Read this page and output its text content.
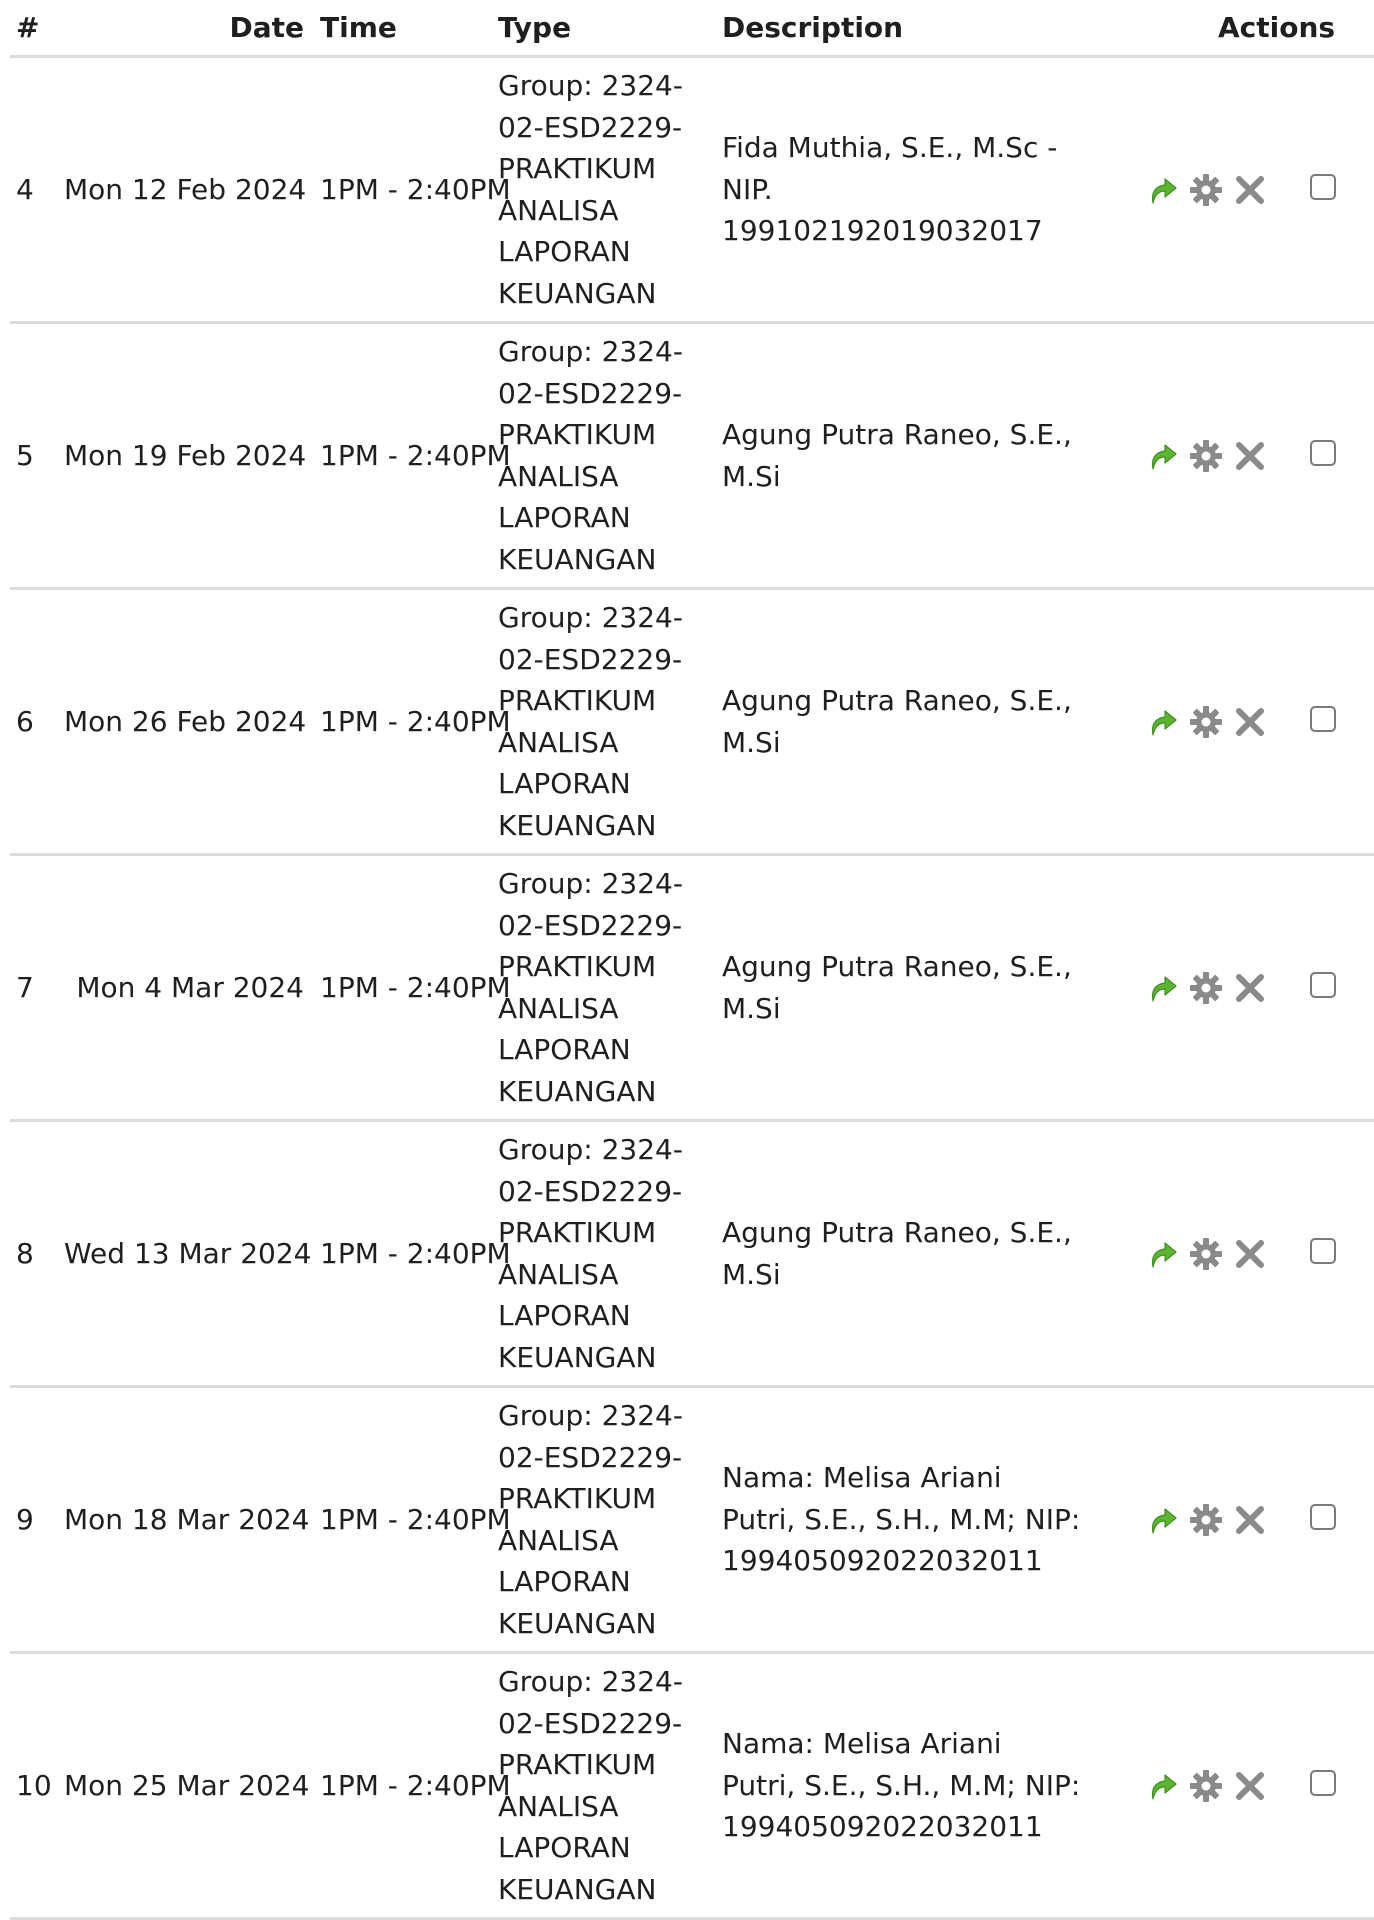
#	Date	Time	Type	Description	Actions
4	Mon 12 Feb 2024	1PM - 2:40PM	Group: 2324-02-ESD2229-PRAKTIKUM ANALISA LAPORAN KEUANGAN	Fida Muthia, S.E., M.Sc - NIP. 199102192019032017

5	Mon 19 Feb 2024	1PM - 2:40PM	Group: 2324-02-ESD2229-PRAKTIKUM ANALISA LAPORAN KEUANGAN	Agung Putra Raneo, S.E., M.Si

6	Mon 26 Feb 2024	1PM - 2:40PM	Group: 2324-02-ESD2229-PRAKTIKUM ANALISA LAPORAN KEUANGAN	Agung Putra Raneo, S.E., M.Si

7	Mon 4 Mar 2024	1PM - 2:40PM	Group: 2324-02-ESD2229-PRAKTIKUM ANALISA LAPORAN KEUANGAN	Agung Putra Raneo, S.E., M.Si

8	Wed 13 Mar 2024	1PM - 2:40PM	Group: 2324-02-ESD2229-PRAKTIKUM ANALISA LAPORAN KEUANGAN	Agung Putra Raneo, S.E., M.Si

9	Mon 18 Mar 2024	1PM - 2:40PM	Group: 2324-02-ESD2229-PRAKTIKUM ANALISA LAPORAN KEUANGAN	Nama: Melisa Ariani Putri, S.E., S.H., M.M; NIP: 199405092022032011

10	Mon 25 Mar 2024	1PM - 2:40PM	Group: 2324-02-ESD2229-PRAKTIKUM ANALISA LAPORAN KEUANGAN	Nama: Melisa Ariani Putri, S.E., S.H., M.M; NIP: 199405092022032011
